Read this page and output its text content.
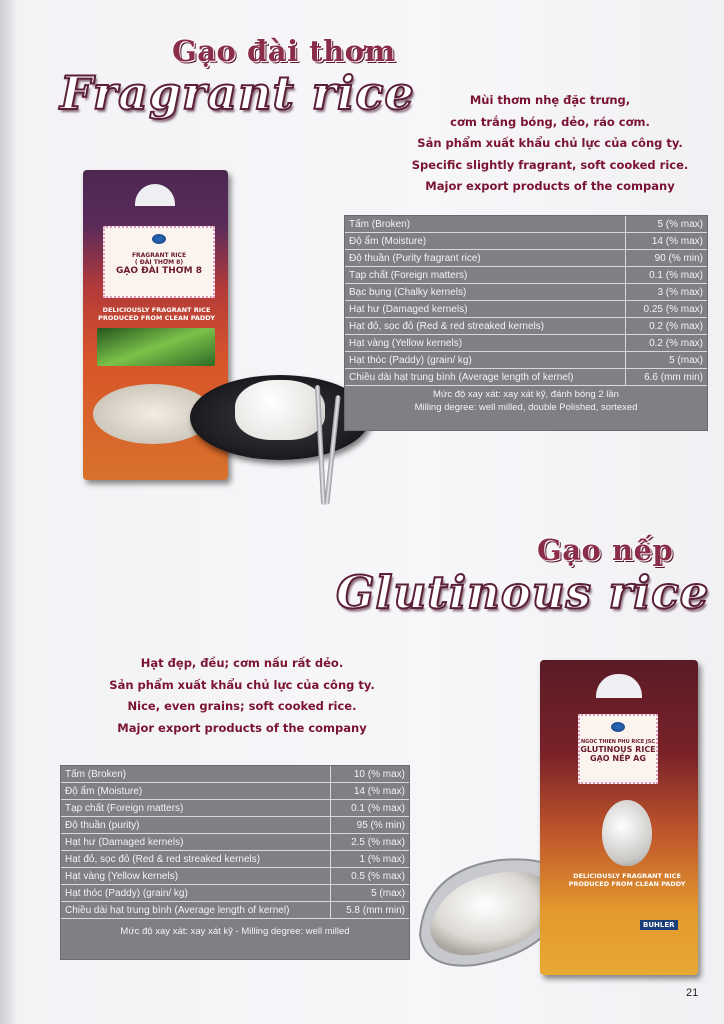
Gạo đài thơm
Fragrant rice	Mùi thơm nhẹ đặc trưng,
cơm trắng bóng, dẻo, ráo cơm.
Sản phẩm xuất khẩu chủ lực của công ty.
Specific slightly fragrant, soft cooked rice.
Major export products of the company
FRAGRANT RICE
( ĐÀI THƠM 8)
GẠO ĐÀI THƠM 8
DELICIOUSLY FRAGRANT RICE
PRODUCED FROM CLEAN PADDY
Tấm (Broken)	5 (% max)
Độ ẩm (Moisture)	14 (% max)
Độ thuần (Purity fragrant rice)	90 (% min)
Tạp chất (Foreign matters)	0.1 (% max)
Bạc bụng (Chalky kernels)	3 (% max)
Hạt hư (Damaged kernels)	0.25 (% max)
Hạt đỏ, sọc đỏ (Red & red streaked kernels)	0.2 (% max)
Hạt vàng (Yellow kernels)	0.2 (% max)
Hạt thóc (Paddy) (grain/ kg)	5 (max)
Chiều dài hạt trung bình (Average length of kernel)	6.6 (mm min)
Mức độ xay xát: xay xát kỹ, đánh bóng 2 lần
Milling degree: well milled, double Polished, sortexed
Gạo nếp
Glutinous rice
Hạt đẹp, đều; cơm nấu rất dẻo.
Sản phẩm xuất khẩu chủ lực của công ty.
Nice, even grains; soft cooked rice.
Major export products of the company
Tấm (Broken)	10 (% max)
Độ ẩm (Moisture)	14 (% max)
Tạp chất (Foreign matters)	0.1 (% max)
Độ thuần (purity)	95 (% min)
Hạt hư (Damaged kernels)	2.5 (% max)
Hạt đỏ, sọc đỏ (Red & red streaked kernels)	1 (% max)
Hạt vàng (Yellow kernels)	0.5 (% max)
Hạt thóc (Paddy) (grain/ kg)	5 (max)
Chiều dài hạt trung bình (Average length of kernel)	5.8 (mm min)
Mức độ xay xát: xay xát kỹ - Milling degree: well milled
NGOC THIEN PHU RICE JSC
GLUTINOUS RICE
GẠO NẾP AG
DELICIOUSLY FRAGRANT RICE
PRODUCED FROM CLEAN PADDY
BUHLER
21
